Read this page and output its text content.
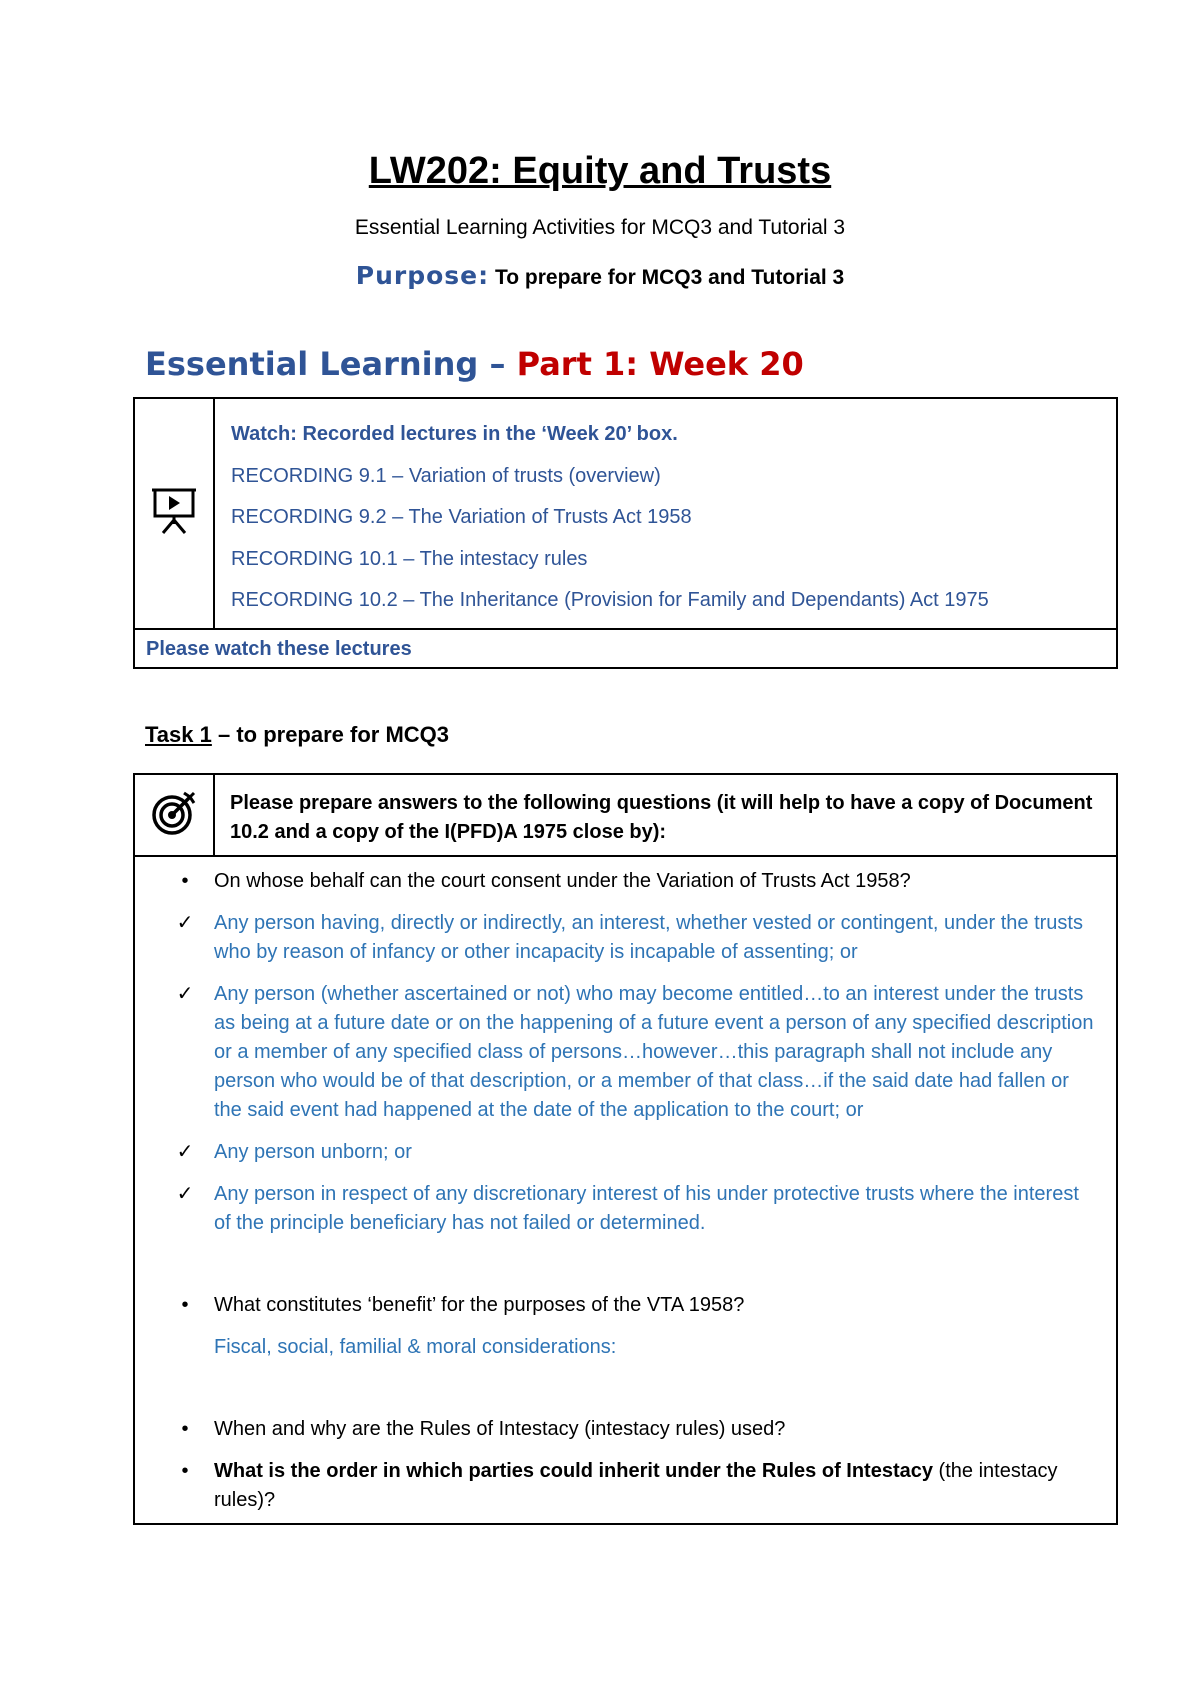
LW202: Equity and Trusts
Essential Learning Activities for MCQ3 and Tutorial 3
Purpose: To prepare for MCQ3 and Tutorial 3
Essential Learning – Part 1: Week 20

Watch: Recorded lectures in the ‘Week 20’ box.
RECORDING 9.1 – Variation of trusts (overview)
RECORDING 9.2 – The Variation of Trusts Act 1958
RECORDING 10.1 – The intestacy rules
RECORDING 10.2 – The Inheritance (Provision for Family and Dependants) Act 1975

Please watch these lectures
Task 1 – to prepare for MCQ3
	Please prepare answers to the following questions (it will help to have a copy of Document 10.2 and a copy of the I(PFD)A 1975 close by):

•	On whose behalf can the court consent under the Variation of Trusts Act 1958?
✓ Any person having, directly or indirectly, an interest, whether vested or contingent, under the trusts who by reason of infancy or other incapacity is incapable of assenting; or
✓ Any person (whether ascertained or not) who may become entitled…to an interest under the trusts as being at a future date or on the happening of a future event a person of any specified description or a member of any specified class of persons…however…this paragraph shall not include any person who would be of that description, or a member of that class…if the said date had fallen or the said event had happened at the date of the application to the court; or
✓ Any person unborn; or
✓ Any person in respect of any discretionary interest of his under protective trusts where the interest of the principle beneficiary has not failed or determined.
•	What constitutes ‘benefit’ for the purposes of the VTA 1958?
Fiscal, social, familial & moral considerations:
•	When and why are the Rules of Intestacy (intestacy rules) used?
•	What is the order in which parties could inherit under the Rules of Intestacy (the intestacy rules)?
